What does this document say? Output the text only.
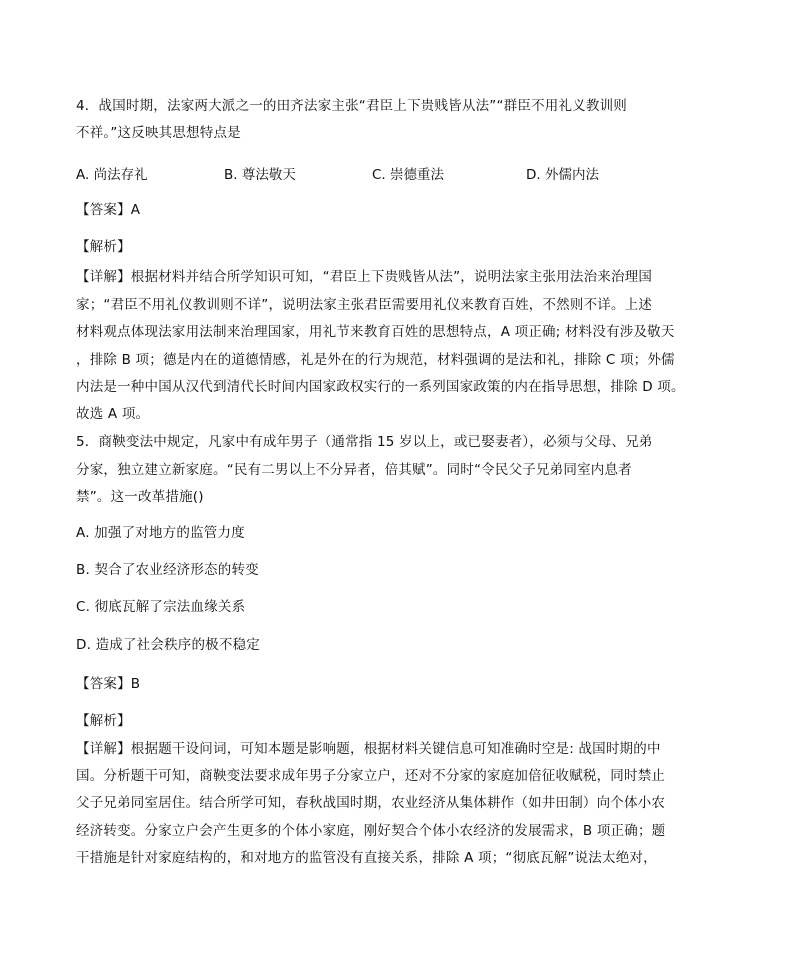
4．战国时期，法家两大派之一的田齐法家主张“君臣上下贵贱皆从法”“群臣不用礼义教训则
不祥。”这反映其思想特点是
A. 尚法存礼	B. 尊法敬天	C. 崇德重法	D. 外儒内法
【答案】A
【解析】
【详解】根据材料并结合所学知识可知，“君臣上下贵贱皆从法”，说明法家主张用法治来治理国
家；“君臣不用礼仪教训则不详”，说明法家主张君臣需要用礼仪来教育百姓，不然则不详。上述
材料观点体现法家用法制来治理国家，用礼节来教育百姓的思想特点，A 项正确; 材料没有涉及敬天
，排除 B 项；德是内在的道德情感，礼是外在的行为规范，材料强调的是法和礼，排除 C 项；外儒
内法是一种中国从汉代到清代长时间内国家政权实行的一系列国家政策的内在指导思想，排除 D 项。
故选 A 项。
5．商鞅变法中规定，凡家中有成年男子（通常指 15 岁以上，或已娶妻者），必须与父母、兄弟
分家，独立建立新家庭。“民有二男以上不分异者，倍其赋”。同时“令民父子兄弟同室内息者
禁”。这一改革措施()
A. 加强了对地方的监管力度
B. 契合了农业经济形态的转变
C. 彻底瓦解了宗法血缘关系
D. 造成了社会秩序的极不稳定
【答案】B
【解析】
【详解】根据题干设问词，可知本题是影响题，根据材料关键信息可知准确时空是: 战国时期的中
国。分析题干可知，商鞅变法要求成年男子分家立户，还对不分家的家庭加倍征收赋税，同时禁止
父子兄弟同室居住。结合所学可知，春秋战国时期，农业经济从集体耕作（如井田制）向个体小农
经济转变。分家立户会产生更多的个体小家庭，刚好契合个体小农经济的发展需求，B 项正确；题
干措施是针对家庭结构的，和对地方的监管没有直接关系，排除 A 项；“彻底瓦解”说法太绝对，
